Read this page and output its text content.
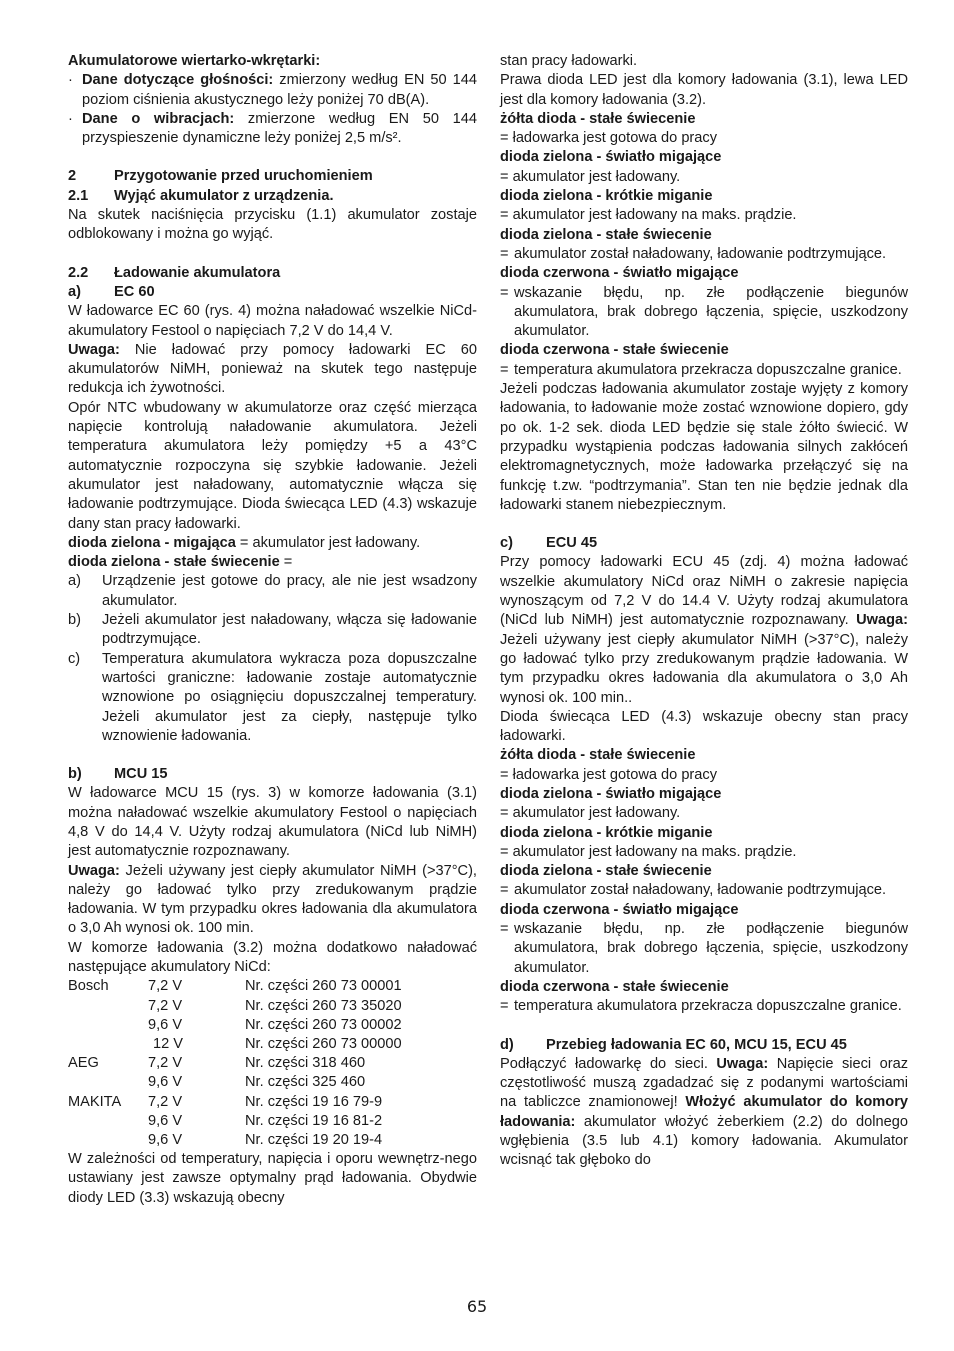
Akumulatorowe wiertarko-wkrętarki:

· Dane dotyczące głośności: zmierzony według EN 50 144 poziom ciśnienia akustycznego leży poniżej 70 dB(A).
· Dane o wibracjach: zmierzone według EN 50 144 przyspieszenie dynamiczne leży poniżej 2,5 m/s².
2	Przygotowanie przed uruchomieniem
2.1	Wyjąć akumulator z urządzenia.

Na skutek naciśnięcia przycisku (1.1) akumulator zostaje odblokowany i można go wyjąć.

2.2	Ładowanie akumulatora
a)	EC 60

W ładowarce EC 60 (rys. 4) można naładować wszelkie NiCd-akumulatory Festool o napięciach 7,2 V do 14,4 V.

Uwaga: Nie ładować przy pomocy ładowarki EC 60 akumulatorów NiMH, ponieważ na skutek tego następuje redukcja ich żywotności.

Opór NTC wbudowany w akumulatorze oraz część mierząca napięcie kontrolują naładowanie akumulatora. Jeżeli temperatura akumulatora leży pomiędzy +5 a 43°C automatycznie rozpoczyna się szybkie ładowanie. Jeżeli akumulator jest naładowany, automatycznie włącza się ładowanie podtrzymujące. Dioda świecąca LED (4.3) wskazuje dany stan pracy ładowarki.

dioda zielona - migająca = akumulator jest ładowany.

dioda zielona - stałe świecenie =

a) Urządzenie jest gotowe do pracy, ale nie jest wsadzony akumulator.
b) Jeżeli akumulator jest naładowany, włącza się ładowanie podtrzymujące.
c) Temperatura akumulatora wykracza poza dopuszczalne wartości graniczne: ładowanie zostaje automatycznie wznowione po osiągnięciu dopuszczalnej temperatury. Jeżeli akumulator jest za ciepły, następuje tylko wznowienie ładowania.
b)	MCU 15

W ładowarce MCU 15 (rys. 3) w komorze ładowania (3.1) można naładować wszelkie akumulatory Festool o napięciach 4,8 V do 14,4 V. Użyty rodzaj akumulatora (NiCd lub NiMH) jest automatycznie rozpoznawany.

Uwaga: Jeżeli używany jest ciepły akumulator NiMH (>37°C), należy go ładować tylko przy zredukowanym prądzie ładowania. W tym przypadku okres ładowania dla akumulatora o 3,0 Ah wynosi ok. 100 min.

W komorze ładowania (3.2) można dodatkowo naładować następujące akumulatory NiCd:

Bosch	7,2 V	Nr. części 260 73 00001
	7,2 V	Nr. części 260 73 35020
	9,6 V	Nr. części 260 73 00002
	12 V	Nr. części 260 73 00000
AEG	7,2 V	Nr. części 318 460
	9,6 V	Nr. części 325 460
MAKITA	7,2 V	Nr. części 19 16 79-9
	9,6 V	Nr. części 19 16 81-2
	9,6 V	Nr. części 19 20 19-4

W zależności od temperatury, napięcia i oporu wewnętrz-nego ustawiany jest zawsze optymalny prąd ładowania. Obydwie diody LED (3.3) wskazują obecny

stan pracy ładowarki.

Prawa dioda LED jest dla komory ładowania (3.1), lewa LED jest dla komory ładowania (3.2).

żółta dioda - stałe świecenie

= ładowarka jest gotowa do pracy

dioda zielona - światło migające

= akumulator jest ładowany.

dioda zielona - krótkie miganie

= akumulator jest ładowany na maks. prądzie.

dioda zielona - stałe świecenie

= akumulator został naładowany, ładowanie podtrzymujące.

dioda czerwona - światło migające

= wskazanie błędu, np. złe podłączenie biegunów akumulatora, brak dobrego łączenia, spięcie, uszkodzony akumulator.

dioda czerwona - stałe świecenie

= temperatura akumulatora przekracza dopuszczalne granice.

Jeżeli podczas ładowania akumulator zostaje wyjęty z komory ładowania, to ładowanie może zostać wznowione dopiero, gdy po ok. 1-2 sek. dioda LED będzie się stale żółto świecić. W przypadku wystąpienia podczas ładowania silnych zakłóceń elektromagnetycznych, może ładowarka przełączyć się na funkcję t.zw. “podtrzymania”. Stan ten nie będzie jednak dla ładowarki stanem niebezpiecznym.

c)	ECU 45

Przy pomocy ładowarki ECU 45 (zdj. 4) można ładować wszelkie akumulatory NiCd oraz NiMH o zakresie napięcia wynoszącym od 7,2 V do 14.4 V. Użyty rodzaj akumulatora (NiCd lub NiMH) jest automatycznie rozpoznawany. Uwaga: Jeżeli używany jest ciepły akumulator NiMH (>37°C), należy go ładować tylko przy zredukowanym prądzie ładowania. W tym przypadku okres ładowania dla akumulatora o 3,0 Ah wynosi ok. 100 min..

Dioda świecąca LED (4.3) wskazuje obecny stan pracy ładowarki.

żółta dioda - stałe świecenie

= ładowarka jest gotowa do pracy

dioda zielona - światło migające

= akumulator jest ładowany.

dioda zielona - krótkie miganie

= akumulator jest ładowany na maks. prądzie.

dioda zielona - stałe świecenie

= akumulator został naładowany, ładowanie podtrzymujące.

dioda czerwona - światło migające

= wskazanie błędu, np. złe podłączenie biegunów akumulatora, brak dobrego łączenia, spięcie, uszkodzony akumulator.

dioda czerwona - stałe świecenie

= temperatura akumulatora przekracza dopuszczalne granice.
d)	Przebieg ładowania EC 60, MCU 15, ECU 45

Podłączyć ładowarkę do sieci. Uwaga: Napięcie sieci oraz częstotliwość muszą zgadadzać się z podanymi wartościami na tabliczce znamionowej! Włożyć akumulator do komory ładowania: akumulator włożyć żeberkiem (2.2) do dolnego wgłębienia (3.5 lub 4.1) komory ładowania. Akumulator wcisnąć tak głęboko do

65
